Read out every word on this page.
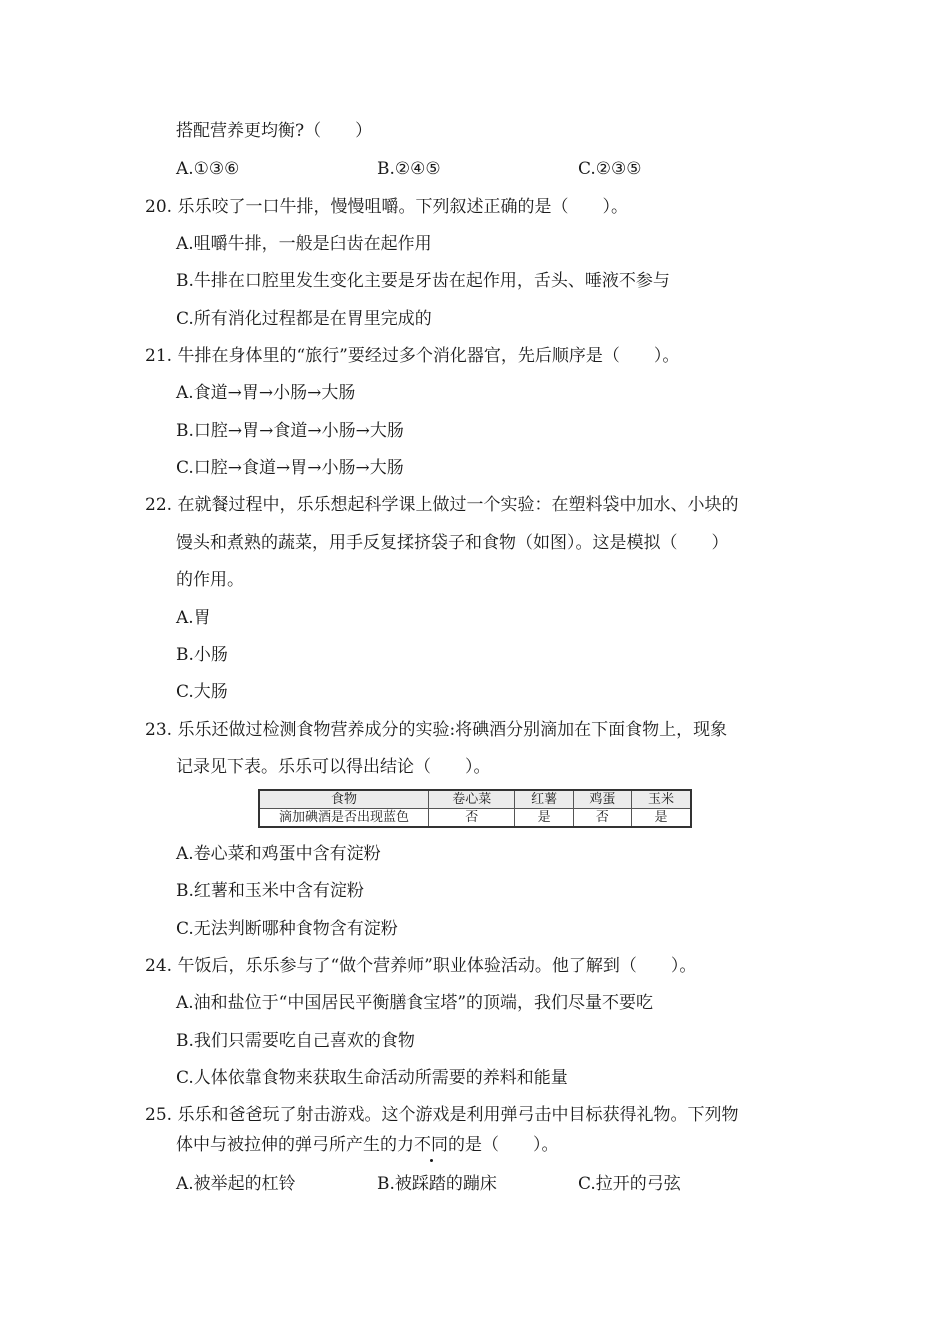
搭配营养更均衡?（　　）
A.①③⑥	B.②④⑤	C.②③⑤
20. 乐乐咬了一口牛排，慢慢咀嚼。下列叙述正确的是（　　）。
A.咀嚼牛排，一般是臼齿在起作用
B.牛排在口腔里发生变化主要是牙齿在起作用，舌头、唾液不参与
C.所有消化过程都是在胃里完成的
21. 牛排在身体里的“旅行”要经过多个消化器官，先后顺序是（　　）。
A.食道→胃→小肠→大肠
B.口腔→胃→食道→小肠→大肠
C.口腔→食道→胃→小肠→大肠
22. 在就餐过程中，乐乐想起科学课上做过一个实验：在塑料袋中加水、小块的
馒头和煮熟的蔬菜，用手反复揉挤袋子和食物（如图）。这是模拟（　　）
的作用。
A.胃
B.小肠
C.大肠
23. 乐乐还做过检测食物营养成分的实验:将碘酒分别滴加在下面食物上，现象
记录见下表。乐乐可以得出结论（　　）。
食物	卷心菜	红薯	鸡蛋	玉米
滴加碘酒是否出现蓝色	否	是	否	是
A.卷心菜和鸡蛋中含有淀粉
B.红薯和玉米中含有淀粉
C.无法判断哪种食物含有淀粉
24. 午饭后，乐乐参与了“做个营养师”职业体验活动。他了解到（　　）。
A.油和盐位于“中国居民平衡膳食宝塔”的顶端，我们尽量不要吃
B.我们只需要吃自己喜欢的食物
C.人体依靠食物来获取生命活动所需要的养料和能量
25. 乐乐和爸爸玩了射击游戏。这个游戏是利用弹弓击中目标获得礼物。下列物
体中与被拉伸的弹弓所产生的力不同的是（　　）。
A.被举起的杠铃	B.被踩踏的蹦床	C.拉开的弓弦
